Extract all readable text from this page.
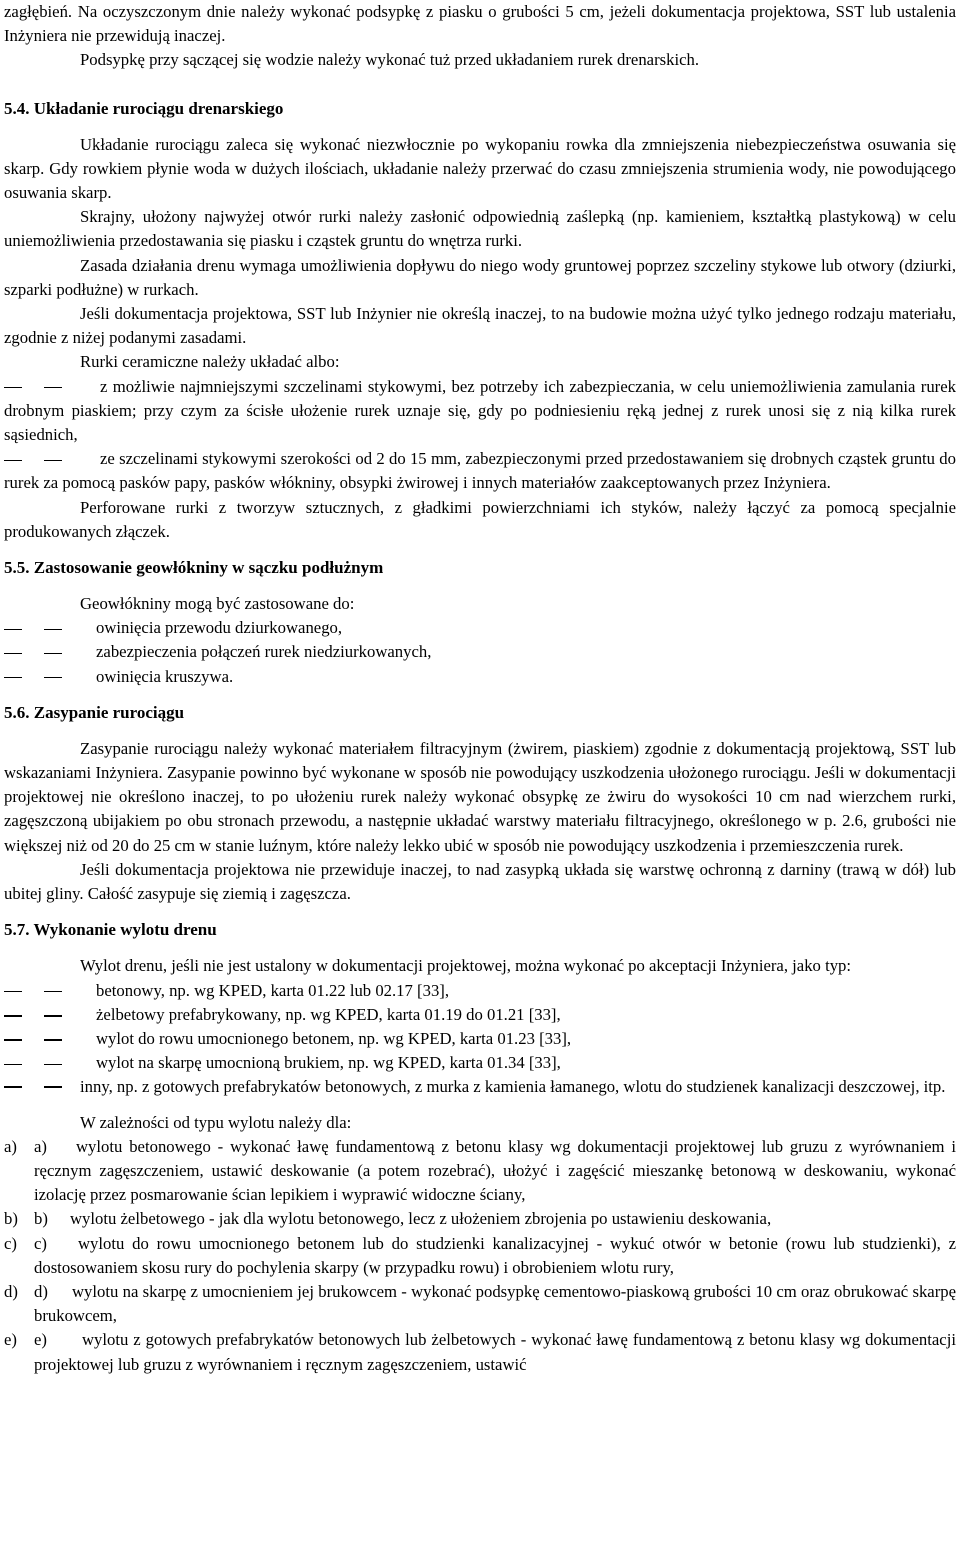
zagłębień. Na oczyszczonym dnie należy wykonać podsypkę z piasku o grubości 5 cm, jeżeli dokumentacja projektowa, SST lub ustalenia Inżyniera nie przewidują inaczej.

Podsypkę przy sączącej się wodzie należy wykonać tuż przed układaniem rurek drenarskich.

5.4. Układanie rurociągu drenarskiego

Układanie rurociągu zaleca się wykonać niezwłocznie po wykopaniu rowka dla zmniejszenia niebezpieczeństwa osuwania się skarp. Gdy rowkiem płynie woda w dużych ilościach, układanie należy przerwać do czasu zmniejszenia strumienia wody, nie powodującego osuwania skarp.

Skrajny, ułożony najwyżej otwór rurki należy zasłonić odpowiednią zaślepką (np. kamieniem, kształtką plastykową) w celu uniemożliwienia przedostawania się piasku i cząstek gruntu do wnętrza rurki.

Zasada działania drenu wymaga umożliwienia dopływu do niego wody gruntowej poprzez szczeliny stykowe lub otwory (dziurki, szparki podłużne) w rurkach.

Jeśli dokumentacja projektowa, SST lub Inżynier nie określą inaczej, to na budowie można użyć tylko jednego rodzaju materiału, zgodnie z niżej podanymi zasadami.

Rurki ceramiczne należy układać albo:

z możliwie najmniejszymi szczelinami stykowymi, bez potrzeby ich zabezpieczania, w celu uniemożliwienia zamulania rurek drobnym piaskiem; przy czym za ścisłe ułożenie rurek uznaje się, gdy po podniesieniu ręką jednej z rurek unosi się z nią kilka rurek sąsiednich,
ze szczelinami stykowymi szerokości od 2 do 15 mm, zabezpieczonymi przed przedostawaniem się drobnych cząstek gruntu do rurek za pomocą pasków papy, pasków włókniny, obsypki żwirowej i innych materiałów zaakceptowanych przez Inżyniera.

Perforowane rurki z tworzyw sztucznych, z gładkimi powierzchniami ich styków, należy łączyć za pomocą specjalnie produkowanych złączek.

5.5. Zastosowanie geowłókniny w sączku podłużnym

Geowłókniny mogą być zastosowane do:

owinięcia przewodu dziurkowanego,
zabezpieczenia połączeń rurek niedziurkowanych,
owinięcia kruszywa.
5.6. Zasypanie rurociągu

Zasypanie rurociągu należy wykonać materiałem filtracyjnym (żwirem, piaskiem) zgodnie z dokumentacją projektową, SST lub wskazaniami Inżyniera. Zasypanie powinno być wykonane w sposób nie powodujący uszkodzenia ułożonego rurociągu. Jeśli w dokumentacji projektowej nie określono inaczej, to po ułożeniu rurek należy wykonać obsypkę ze żwiru do wysokości 10 cm nad wierzchem rurki, zagęszczoną ubijakiem po obu stronach przewodu, a następnie układać warstwy materiału filtracyjnego, określonego w p. 2.6, grubości nie większej niż od 20 do 25 cm w stanie luźnym, które należy lekko ubić w sposób nie powodujący uszkodzenia i przemieszczenia rurek.

Jeśli dokumentacja projektowa nie przewiduje inaczej, to nad zasypką układa się warstwę ochronną z darniny (trawą w dół) lub ubitej gliny. Całość zasypuje się ziemią i zagęszcza.

5.7. Wykonanie wylotu drenu

Wylot drenu, jeśli nie jest ustalony w dokumentacji projektowej, można wykonać po akceptacji Inżyniera, jako typ:

betonowy, np. wg KPED, karta 01.22 lub 02.17 [33],
żelbetowy prefabrykowany, np. wg KPED, karta 01.19 do 01.21 [33],
wylot do rowu umocnionego betonem, np. wg KPED, karta 01.23 [33],
wylot na skarpę umocnioną brukiem, np. wg KPED, karta 01.34 [33],
inny, np. z gotowych prefabrykatów betonowych, z murka z kamienia łamanego, wlotu do studzienek kanalizacji deszczowej, itp.

W zależności od typu wylotu należy dla:

a)	a) wylotu betonowego - wykonać ławę fundamentową z betonu klasy wg dokumentacji projektowej lub gruzu z wyrównaniem i ręcznym zagęszczeniem, ustawić deskowanie (a potem rozebrać), ułożyć i zagęścić mieszankę betonową w deskowaniu, wykonać izolację przez posmarowanie ścian lepikiem i wyprawić widoczne ściany,
b) b) wylotu żelbetowego - jak dla wylotu betonowego, lecz z ułożeniem zbrojenia po ustawieniu deskowania,
c)	c) wylotu do rowu umocnionego betonem lub do studzienki kanalizacyjnej - wykuć otwór w betonie (rowu lub studzienki), z dostosowaniem skosu rury do pochylenia skarpy (w przypadku rowu) i obrobieniem wlotu rury,
d) d) wylotu na skarpę z umocnieniem jej brukowcem - wykonać podsypkę cementowo-piaskową grubości 10 cm oraz obrukować skarpę brukowcem,
e)	e) wylotu z gotowych prefabrykatów betonowych lub żelbetowych - wykonać ławę fundamentową z betonu klasy wg dokumentacji projektowej lub gruzu z wyrównaniem i ręcznym zagęszczeniem, ustawić
